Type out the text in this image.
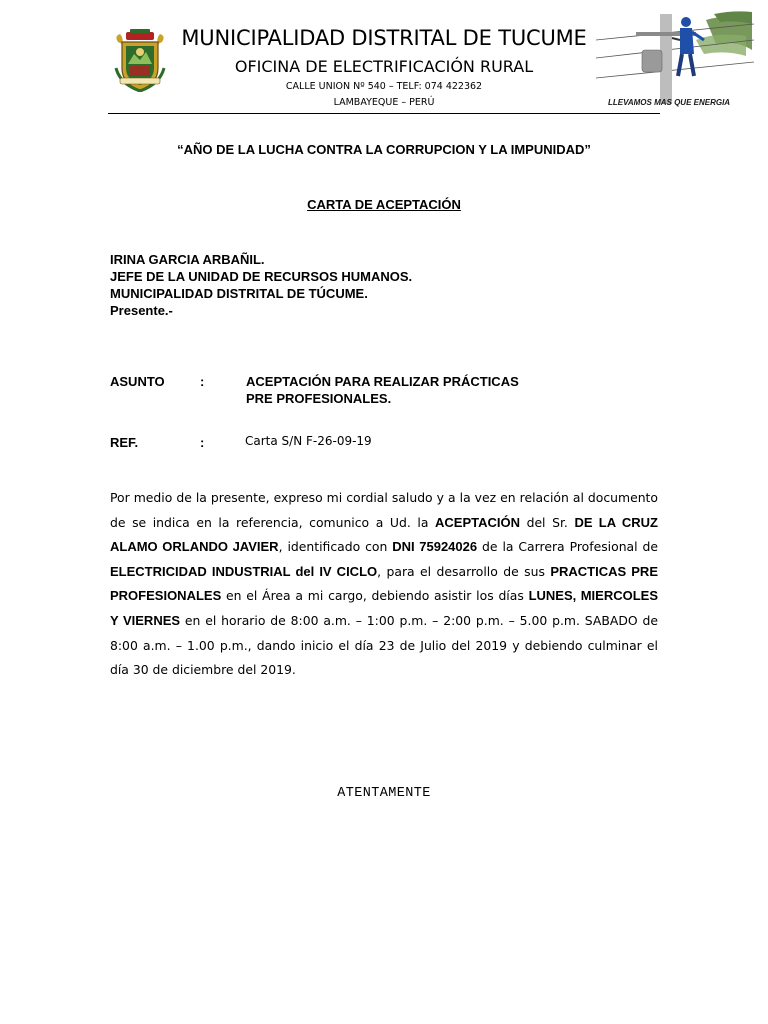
MUNICIPALIDAD DISTRITAL DE TUCUME
OFICINA DE ELECTRIFICACIÓN RURAL
CALLE UNION Nº 540 – TELF: 074 422362
LAMBAYEQUE – PERÚ	LLEVAMOS MAS QUE ENERGIA
“AÑO DE LA LUCHA CONTRA LA CORRUPCION Y LA IMPUNIDAD”
CARTA DE ACEPTACIÓN
IRINA GARCIA ARBAÑIL.
JEFE DE LA UNIDAD DE RECURSOS HUMANOS.
MUNICIPALIDAD DISTRITAL DE TÚCUME.
Presente.-
ASUNTO	:	ACEPTACIÓN PARA REALIZAR PRÁCTICAS
PRE PROFESIONALES.
REF.	:	Carta S/N F-26-09-19
Por medio de la presente, expreso mi cordial saludo y a la vez en relación al documento de se indica en la referencia, comunico a Ud. la ACEPTACIÓN del Sr. DE LA CRUZ ALAMO ORLANDO JAVIER, identificado con DNI 75924026 de la Carrera Profesional de ELECTRICIDAD INDUSTRIAL del IV CICLO, para el desarrollo de sus PRACTICAS PRE PROFESIONALES en el Área a mi cargo, debiendo asistir los días LUNES, MIERCOLES Y VIERNES en el horario de 8:00 a.m. – 1:00 p.m. – 2:00 p.m. – 5.00 p.m. SABADO de 8:00 a.m. – 1.00 p.m., dando inicio el día 23 de Julio del 2019 y debiendo culminar el día 30 de diciembre del 2019.
ATENTAMENTE
